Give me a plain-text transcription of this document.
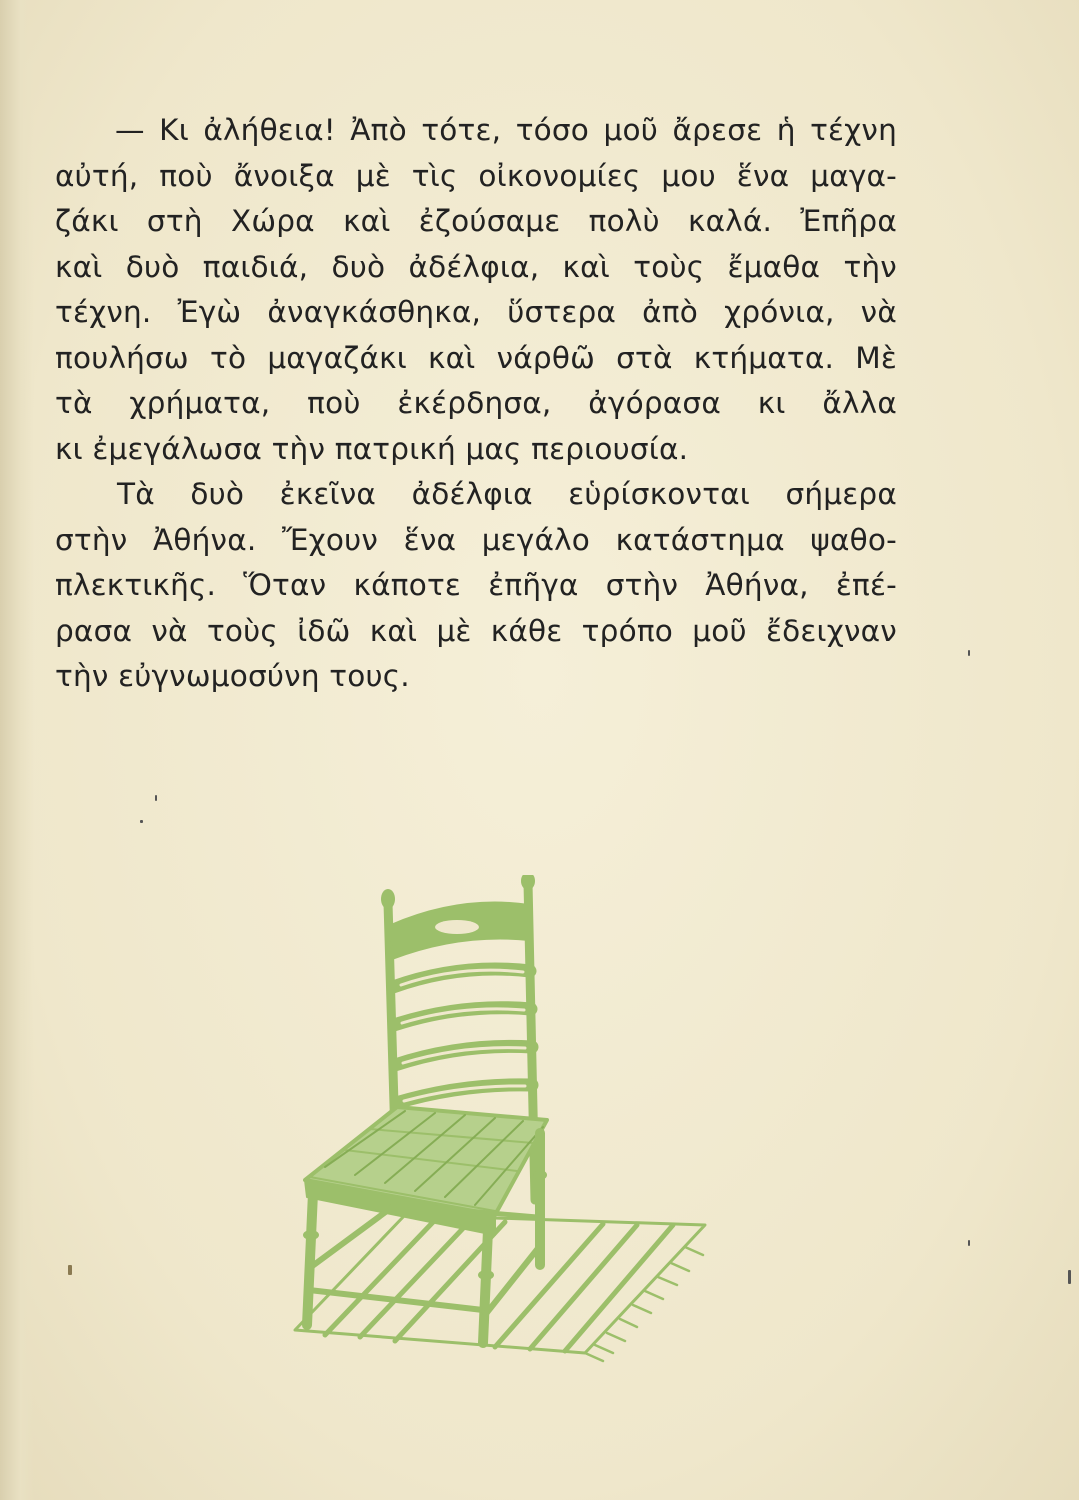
— Κι ἀλήθεια! Ἀπὸ τότε, τόσο μοῦ ἄρεσε ἡ τέχνη
αὐτή, ποὺ ἄνοιξα μὲ τὶς οἰκονομίες μου ἕνα μαγα-
ζάκι στὴ Χώρα καὶ ἐζούσαμε πολὺ καλά. Ἐπῆρα
καὶ δυὸ παιδιά, δυὸ ἀδέλφια, καὶ τοὺς ἔμαθα τὴν
τέχνη. Ἐγὼ ἀναγκάσθηκα, ὕστερα ἀπὸ χρόνια, νὰ
πουλήσω τὸ μαγαζάκι καὶ νάρθῶ στὰ κτήματα. Μὲ
τὰ χρήματα, ποὺ ἐκέρδησα, ἀγόρασα κι ἄλλα
κι ἐμεγάλωσα τὴν πατρική μας περιουσία.
Τὰ δυὸ ἐκεῖνα ἀδέλφια εὑρίσκονται σήμερα
στὴν Ἀθήνα. Ἔχουν ἕνα μεγάλο κατάστημα ψαθο-
πλεκτικῆς. Ὅταν κάποτε ἐπῆγα στὴν Ἀθήνα, ἐπέ-
ρασα νὰ τοὺς ἰδῶ καὶ μὲ κάθε τρόπο μοῦ ἔδειχναν
τὴν εὐγνωμοσύνη τους.
